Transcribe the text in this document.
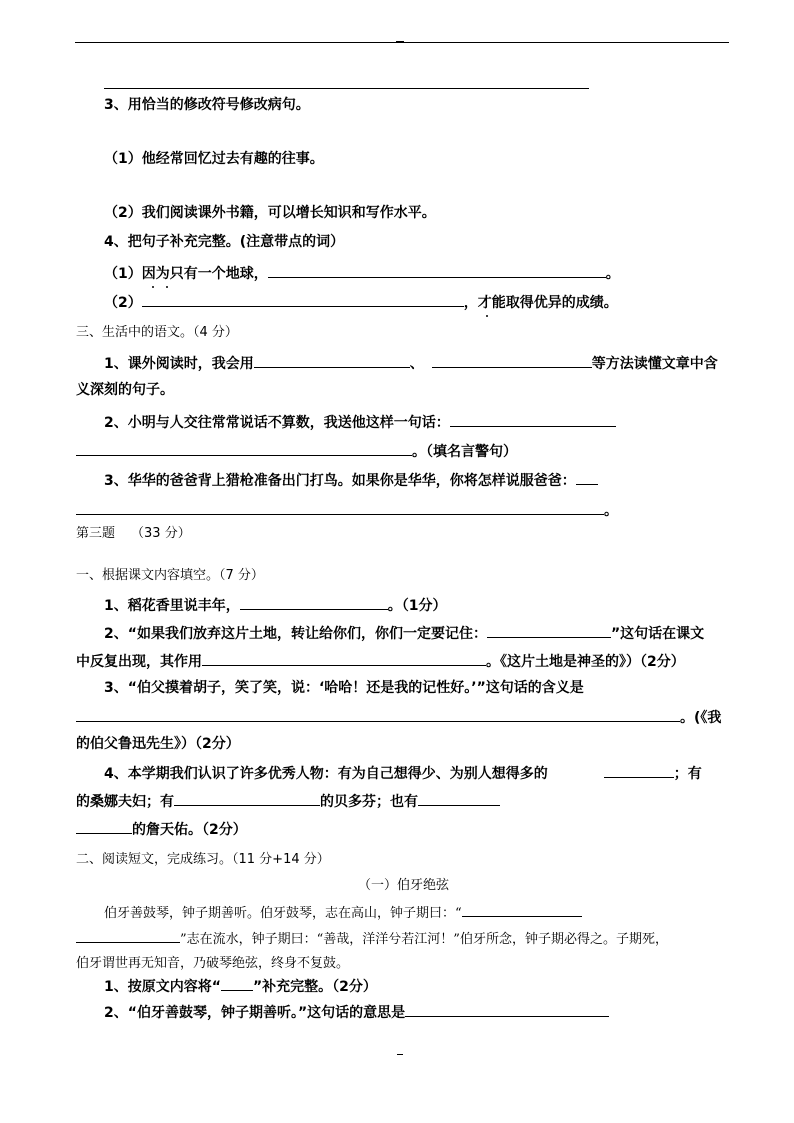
3、用恰当的修改符号修改病句。
（1）他经常回忆过去有趣的往事。
（2）我们阅读课外书籍，可以增长知识和写作水平。
4、把句子补充完整。(注意带点的词）
（1）因为只有一个地球，	。
（2）	，才能取得优异的成绩。
三、生活中的语文。（4 分）
1、课外阅读时，我会用	、	等方法读懂文章中含
义深刻的句子。
2、小明与人交往常常说话不算数，我送他这样一句话：
。（填名言警句）
3、华华的爸爸背上猎枪准备出门打鸟。如果你是华华，你将怎样说服爸爸：
。
第三题 （33 分）
一、根据课文内容填空。（7 分）
1、稻花香里说丰年，	。（1分）
2、“如果我们放弃这片土地，转让给你们，你们一定要记住：	”这句话在课文
中反复出现，其作用	。《这片土地是神圣的》）（2分）
3、“伯父摸着胡子，笑了笑，说：‘哈哈！还是我的记性好。’”这句话的含义是
。(《我
的伯父鲁迅先生》）（2分）
4、本学期我们认识了许多优秀人物：有为自己想得少、为别人想得多的	；有
的桑娜夫妇；有	的贝多芬；也有
的詹天佑。（2分）
二、阅读短文，完成练习。（11 分+14 分）
（一）伯牙绝弦
伯牙善鼓琴，钟子期善听。伯牙鼓琴，志在高山，钟子期曰：“
”志在流水，钟子期曰：“善哉，洋洋兮若江河！”伯牙所念，钟子期必得之。子期死，
伯牙谓世再无知音，乃破琴绝弦，终身不复鼓。
1、按原文内容将“ ”补充完整。（2分）
2、“伯牙善鼓琴，钟子期善听。”这句话的意思是
